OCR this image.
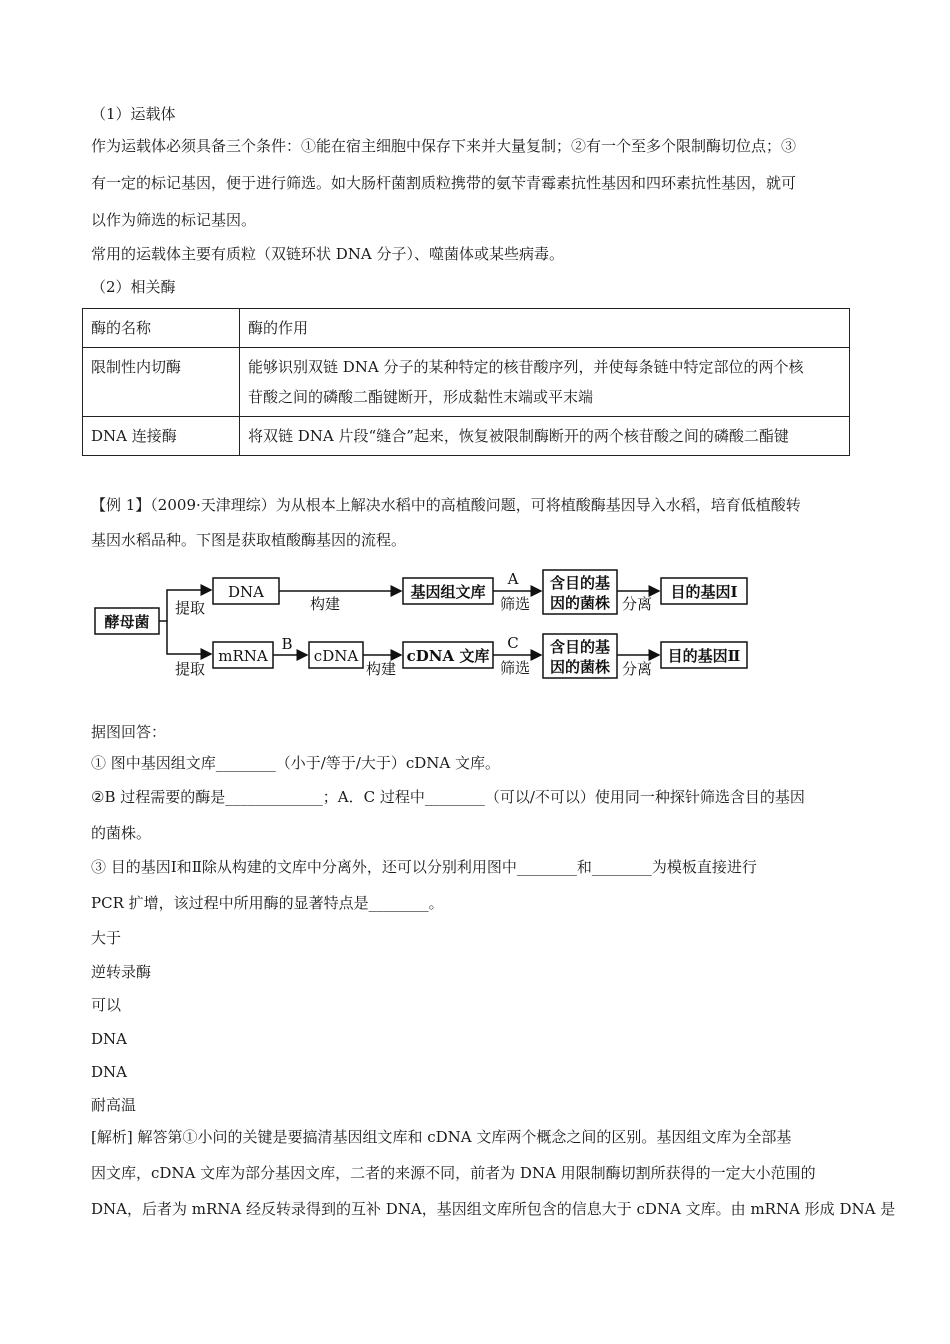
（1）运载体
作为运载体必须具备三个条件：①能在宿主细胞中保存下来并大量复制；②有一个至多个限制酶切位点；③
有一定的标记基因，便于进行筛选。如大肠杆菌割质粒携带的氨苄青霉素抗性基因和四环素抗性基因，就可
以作为筛选的标记基因。
常用的运载体主要有质粒（双链环状 DNA 分子）、噬菌体或某些病毒。
（2）相关酶
酶的名称	酶的作用
限制性内切酶	能够识别双链 DNA 分子的某种特定的核苷酸序列，并使每条链中特定部位的两个核
苷酸之间的磷酸二酯键断开，形成黏性末端或平末端

DNA 连接酶	将双链 DNA 片段“缝合”起来，恢复被限制酶断开的两个核苷酸之间的磷酸二酯键
【例 1】（2009·天津理综）为从根本上解决水稻中的高植酸问题，可将植酸酶基因导入水稻，培育低植酸转
基因水稻品种。下图是获取植酸酶基因的流程。
酵母菌
提取
提取
DNA
构建
基因组文库
A
筛选
含目的基
因的菌株 分离
目的基因Ⅰ
mRNA
B
cDNA
构建
cDNA 文库
C
筛选
含目的基
因的菌株 分离
目的基因Ⅱ
据图回答：
① 图中基因组文库________（小于/等于/大于）cDNA 文库。
②B 过程需要的酶是_____________；A．C 过程中________（可以/不可以）使用同一种探针筛选含目的基因
的菌株。
③ 目的基因Ⅰ和Ⅱ除从构建的文库中分离外，还可以分别利用图中________和________为模板直接进行
PCR 扩增，该过程中所用酶的显著特点是________。
大于
逆转录酶
可以
DNA
DNA
耐高温
[解析] 解答第①小问的关键是要搞清基因组文库和 cDNA 文库两个概念之间的区别。基因组文库为全部基
因文库，cDNA 文库为部分基因文库，二者的来源不同，前者为 DNA 用限制酶切割所获得的一定大小范围的
DNA，后者为 mRNA 经反转录得到的互补 DNA，基因组文库所包含的信息大于 cDNA 文库。由 mRNA 形成 DNA 是
